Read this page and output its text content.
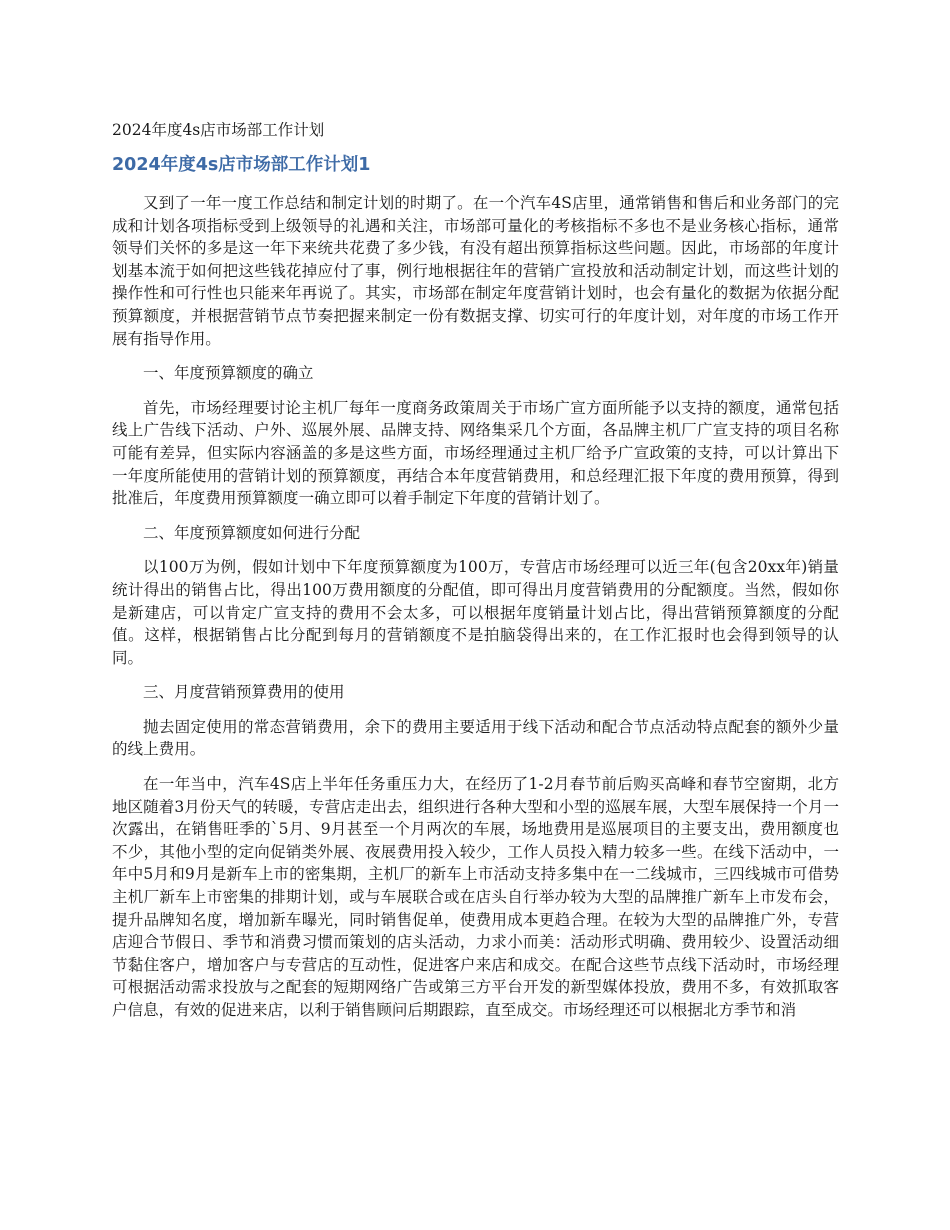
2024年度4s店市场部工作计划
2024年度4s店市场部工作计划1

又到了一年一度工作总结和制定计划的时期了。在一个汽车4S店里，通常销售和售后和业务部门的完成和计划各项指标受到上级领导的礼遇和关注，市场部可量化的考核指标不多也不是业务核心指标，通常领导们关怀的多是这一年下来统共花费了多少钱，有没有超出预算指标这些问题。因此，市场部的年度计划基本流于如何把这些钱花掉应付了事，例行地根据往年的营销广宣投放和活动制定计划，而这些计划的操作性和可行性也只能来年再说了。其实，市场部在制定年度营销计划时，也会有量化的数据为依据分配预算额度，并根据营销节点节奏把握来制定一份有数据支撑、切实可行的年度计划，对年度的市场工作开展有指导作用。

一、年度预算额度的确立

首先，市场经理要讨论主机厂每年一度商务政策周关于市场广宣方面所能予以支持的额度，通常包括线上广告线下活动、户外、巡展外展、品牌支持、网络集采几个方面，各品牌主机厂广宣支持的项目名称可能有差异，但实际内容涵盖的多是这些方面，市场经理通过主机厂给予广宣政策的支持，可以计算出下一年度所能使用的营销计划的预算额度，再结合本年度营销费用，和总经理汇报下年度的费用预算，得到批准后，年度费用预算额度一确立即可以着手制定下年度的营销计划了。

二、年度预算额度如何进行分配

以100万为例，假如计划中下年度预算额度为100万，专营店市场经理可以近三年(包含20xx年)销量统计得出的销售占比，得出100万费用额度的分配值，即可得出月度营销费用的分配额度。当然，假如你是新建店，可以肯定广宣支持的费用不会太多，可以根据年度销量计划占比，得出营销预算额度的分配值。这样，根据销售占比分配到每月的营销额度不是拍脑袋得出来的，在工作汇报时也会得到领导的认同。

三、月度营销预算费用的使用

抛去固定使用的常态营销费用，余下的费用主要适用于线下活动和配合节点活动特点配套的额外少量的线上费用。

在一年当中，汽车4S店上半年任务重压力大，在经历了1-2月春节前后购买高峰和春节空窗期，北方地区随着3月份天气的转暖，专营店走出去，组织进行各种大型和小型的巡展车展，大型车展保持一个月一次露出，在销售旺季的`5月、9月甚至一个月两次的车展，场地费用是巡展项目的主要支出，费用额度也不少，其他小型的定向促销类外展、夜展费用投入较少，工作人员投入精力较多一些。在线下活动中，一年中5月和9月是新车上市的密集期，主机厂的新车上市活动支持多集中在一二线城市，三四线城市可借势主机厂新车上市密集的排期计划，或与车展联合或在店头自行举办较为大型的品牌推广新车上市发布会，提升品牌知名度，增加新车曝光，同时销售促单，使费用成本更趋合理。在较为大型的品牌推广外，专营店迎合节假日、季节和消费习惯而策划的店头活动，力求小而美：活动形式明确、费用较少、设置活动细节黏住客户，增加客户与专营店的互动性，促进客户来店和成交。在配合这些节点线下活动时，市场经理可根据活动需求投放与之配套的短期网络广告或第三方平台开发的新型媒体投放，费用不多，有效抓取客户信息，有效的促进来店，以利于销售顾问后期跟踪，直至成交。市场经理还可以根据北方季节和消
